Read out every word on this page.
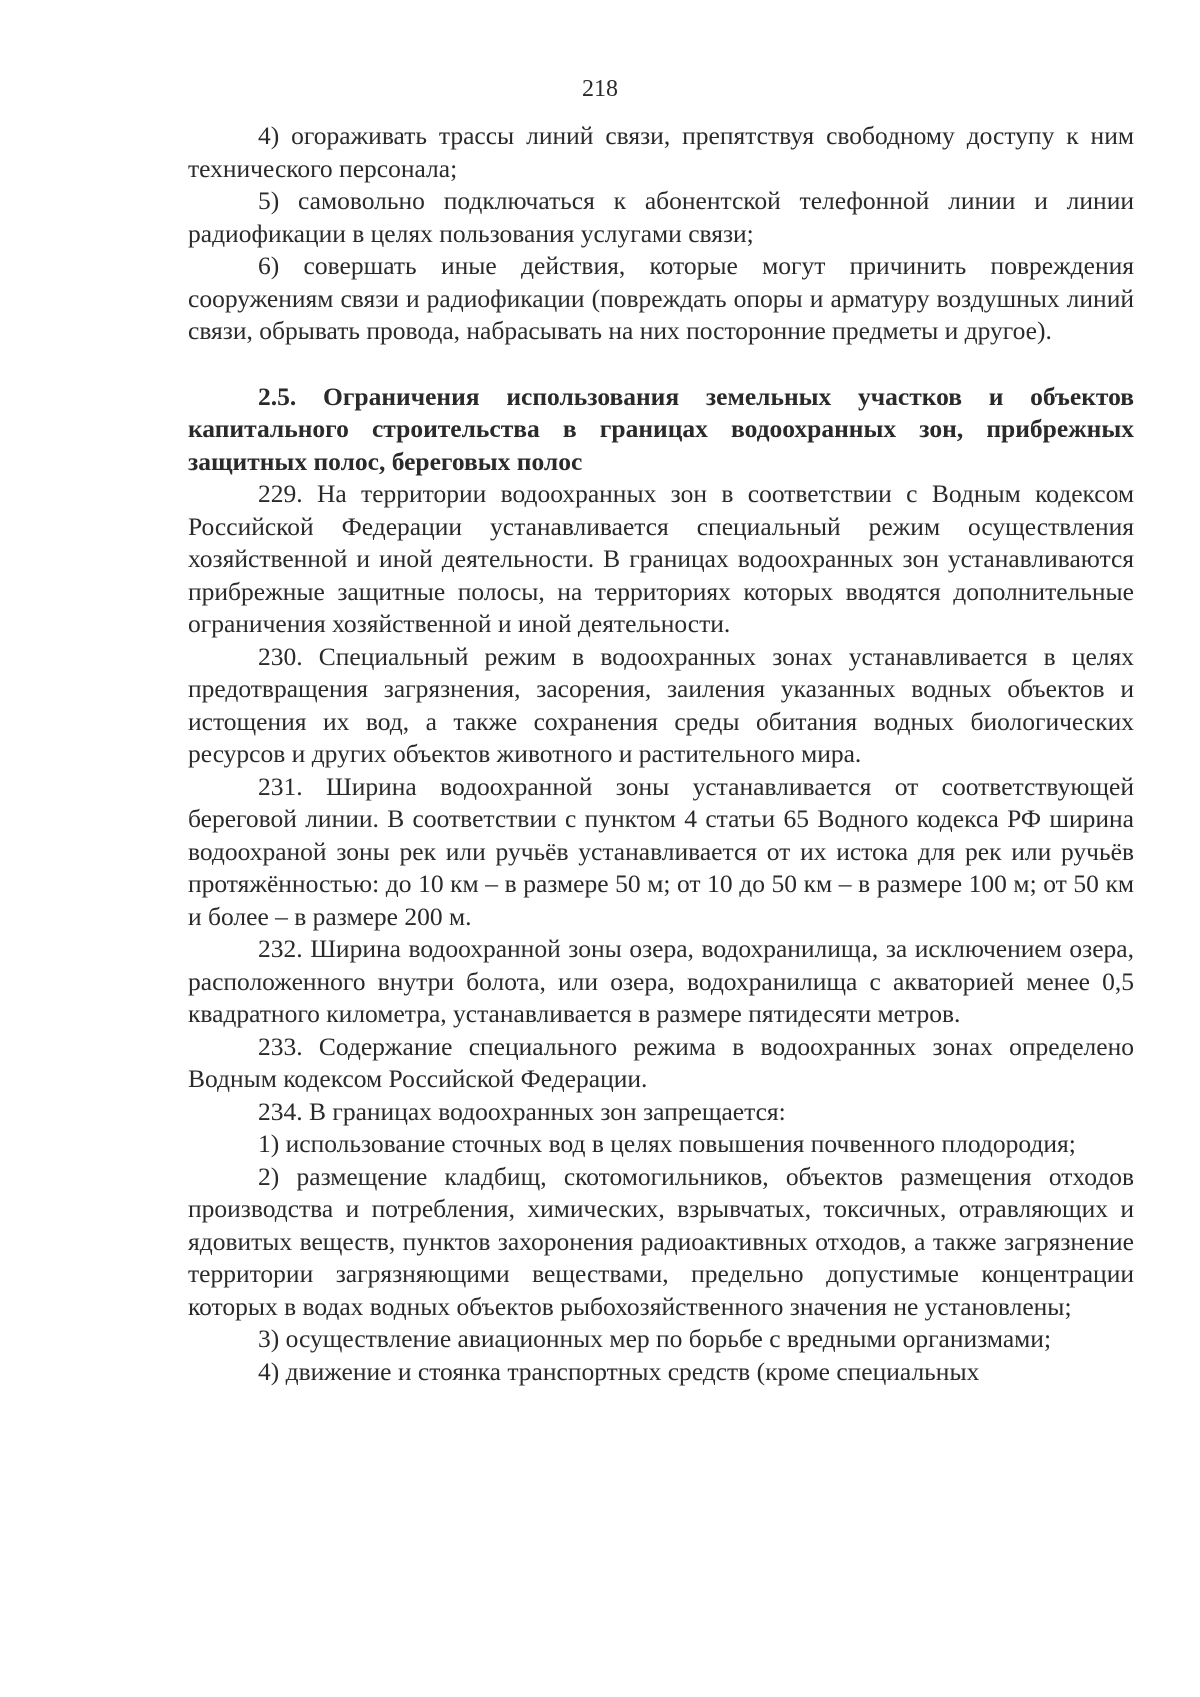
218

4) огораживать трассы линий связи, препятствуя свободному доступу к ним технического персонала;

5) самовольно подключаться к абонентской телефонной линии и линии радиофикации в целях пользования услугами связи;

6) совершать иные действия, которые могут причинить повреждения сооружениям связи и радиофикации (повреждать опоры и арматуру воздушных линий связи, обрывать провода, набрасывать на них посторонние предметы и другое).

2.5. Ограничения использования земельных участков и объектов капитального строительства в границах водоохранных зон, прибрежных защитных полос, береговых полос

229. На территории водоохранных зон в соответствии с Водным кодексом Российской Федерации устанавливается специальный режим осуществления хозяйственной и иной деятельности. В границах водоохранных зон устанавливаются прибрежные защитные полосы, на территориях которых вводятся дополнительные ограничения хозяйственной и иной деятельности.

230. Специальный режим в водоохранных зонах устанавливается в целях предотвращения загрязнения, засорения, заиления указанных водных объектов и истощения их вод, а также сохранения среды обитания водных биологических ресурсов и других объектов животного и растительного мира.

231. Ширина водоохранной зоны устанавливается от соответствующей береговой линии. В соответствии с пунктом 4 статьи 65 Водного кодекса РФ ширина водоохраной зоны рек или ручьёв устанавливается от их истока для рек или ручьёв протяжённостью: до 10 км – в размере 50 м; от 10 до 50 км – в размере 100 м; от 50 км и более – в размере 200 м.

232. Ширина водоохранной зоны озера, водохранилища, за исключением озера, расположенного внутри болота, или озера, водохранилища с акваторией менее 0,5 квадратного километра, устанавливается в размере пятидесяти метров.

233. Содержание специального режима в водоохранных зонах определено Водным кодексом Российской Федерации.

234. В границах водоохранных зон запрещается:

1) использование сточных вод в целях повышения почвенного плодородия;

2) размещение кладбищ, скотомогильников, объектов размещения отходов производства и потребления, химических, взрывчатых, токсичных, отравляющих и ядовитых веществ, пунктов захоронения радиоактивных отходов, а также загрязнение территории загрязняющими веществами, предельно допустимые концентрации которых в водах водных объектов рыбохозяйственного значения не установлены;

3) осуществление авиационных мер по борьбе с вредными организмами;

4) движение и стоянка транспортных средств (кроме специальных
